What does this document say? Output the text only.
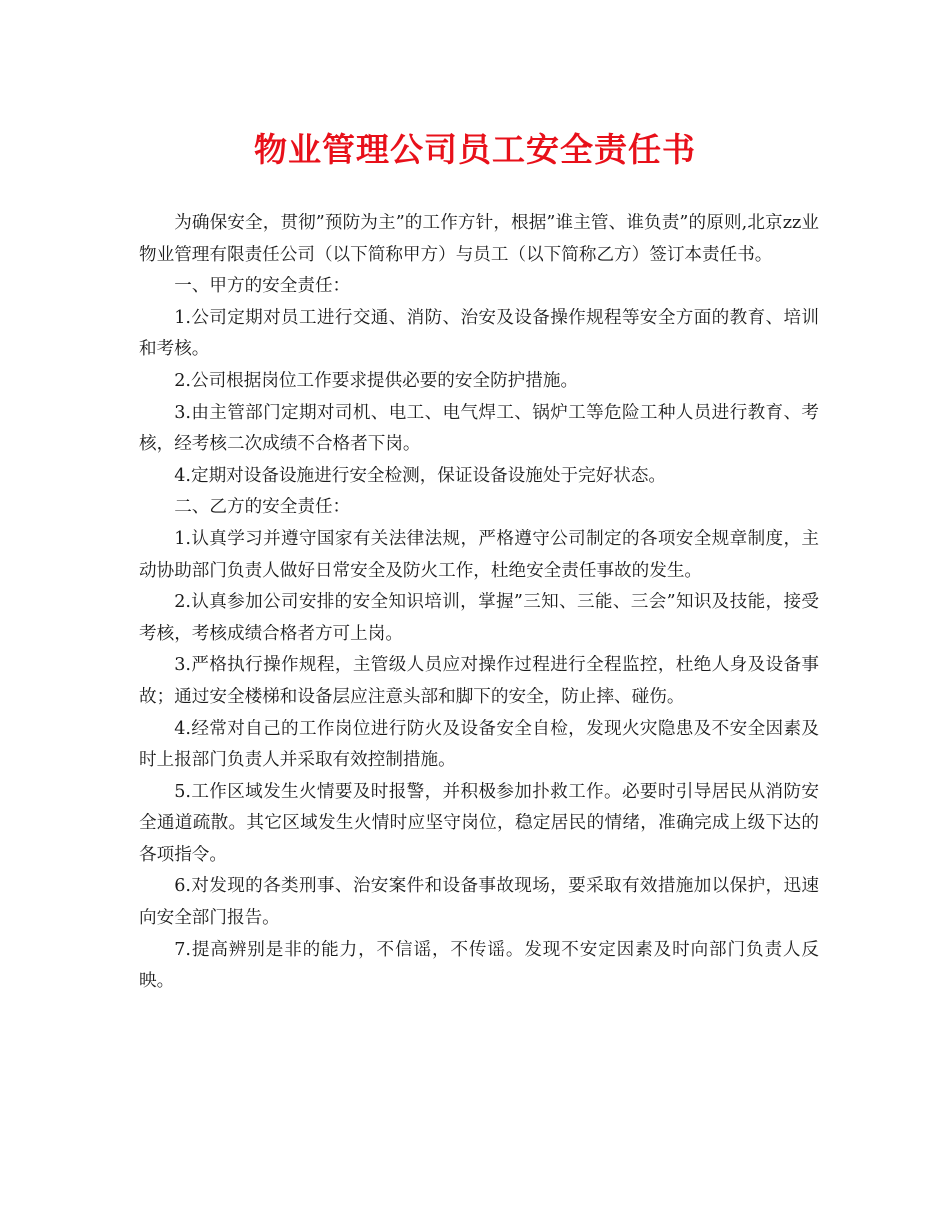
物业管理公司员工安全责任书

为确保安全，贯彻”预防为主”的工作方针，根据”谁主管、谁负责”的原则,北京zz业物业管理有限责任公司（以下简称甲方）与员工（以下简称乙方）签订本责任书。

一、甲方的安全责任：

1.公司定期对员工进行交通、消防、治安及设备操作规程等安全方面的教育、培训和考核。

2.公司根据岗位工作要求提供必要的安全防护措施。

3.由主管部门定期对司机、电工、电气焊工、锅炉工等危险工种人员进行教育、考核，经考核二次成绩不合格者下岗。

4.定期对设备设施进行安全检测，保证设备设施处于完好状态。

二、乙方的安全责任：

1.认真学习并遵守国家有关法律法规，严格遵守公司制定的各项安全规章制度，主动协助部门负责人做好日常安全及防火工作，杜绝安全责任事故的发生。

2.认真参加公司安排的安全知识培训，掌握”三知、三能、三会”知识及技能，接受考核，考核成绩合格者方可上岗。

3.严格执行操作规程，主管级人员应对操作过程进行全程监控，杜绝人身及设备事故；通过安全楼梯和设备层应注意头部和脚下的安全，防止摔、碰伤。

4.经常对自己的工作岗位进行防火及设备安全自检，发现火灾隐患及不安全因素及时上报部门负责人并采取有效控制措施。

5.工作区域发生火情要及时报警，并积极参加扑救工作。必要时引导居民从消防安全通道疏散。其它区域发生火情时应坚守岗位，稳定居民的情绪，准确完成上级下达的各项指令。

6.对发现的各类刑事、治安案件和设备事故现场，要采取有效措施加以保护，迅速向安全部门报告。

7.提高辨别是非的能力，不信谣，不传谣。发现不安定因素及时向部门负责人反映。
